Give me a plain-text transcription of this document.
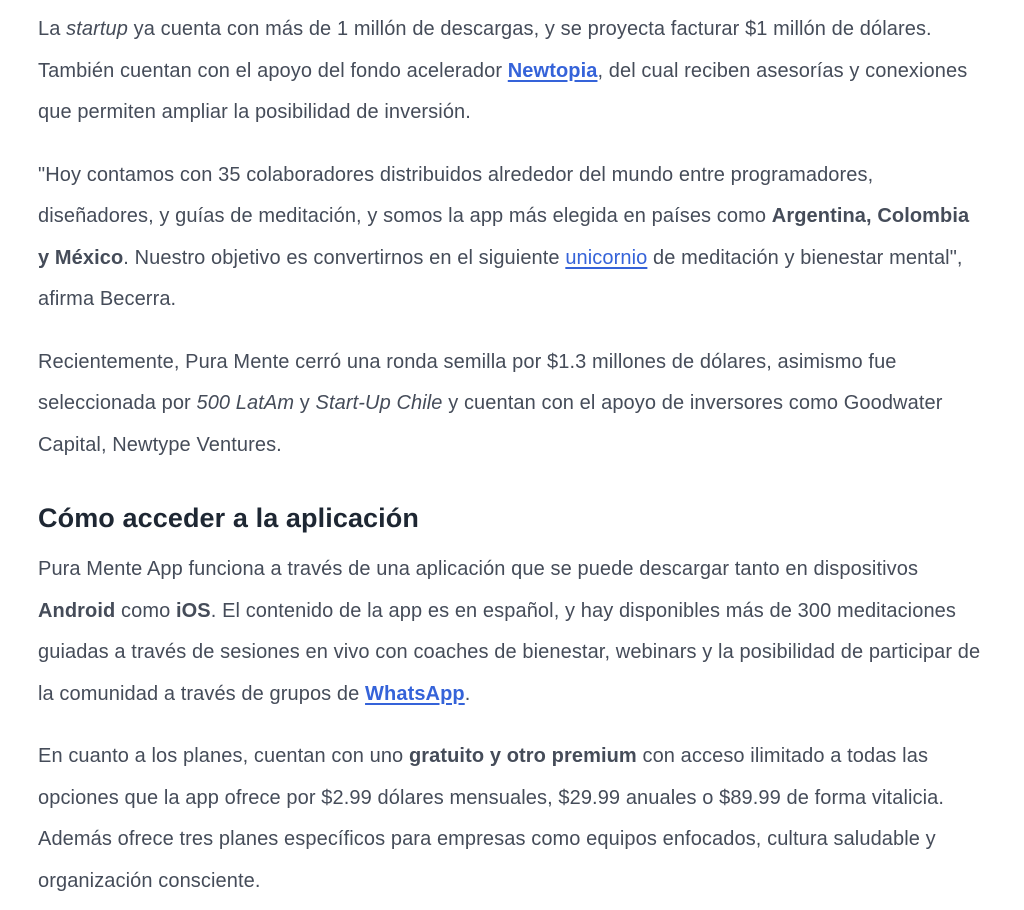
La startup ya cuenta con más de 1 millón de descargas, y se proyecta facturar $1 millón de dólares. También cuentan con el apoyo del fondo acelerador Newtopia, del cual reciben asesorías y conexiones que permiten ampliar la posibilidad de inversión.

"Hoy contamos con 35 colaboradores distribuidos alrededor del mundo entre programadores, diseñadores, y guías de meditación, y somos la app más elegida en países como Argentina, Colombia y México. Nuestro objetivo es convertirnos en el siguiente unicornio de meditación y bienestar mental", afirma Becerra.

Recientemente, Pura Mente cerró una ronda semilla por $1.3 millones de dólares, asimismo fue seleccionada por 500 LatAm y Start-Up Chile y cuentan con el apoyo de inversores como Goodwater Capital, Newtype Ventures.

Cómo acceder a la aplicación

Pura Mente App funciona a través de una aplicación que se puede descargar tanto en dispositivos Android como iOS. El contenido de la app es en español, y hay disponibles más de 300 meditaciones guiadas a través de sesiones en vivo con coaches de bienestar, webinars y la posibilidad de participar de la comunidad a través de grupos de WhatsApp.

En cuanto a los planes, cuentan con uno gratuito y otro premium con acceso ilimitado a todas las opciones que la app ofrece por $2.99 dólares mensuales, $29.99 anuales o $89.99 de forma vitalicia. Además ofrece tres planes específicos para empresas como equipos enfocados, cultura saludable y organización consciente.
